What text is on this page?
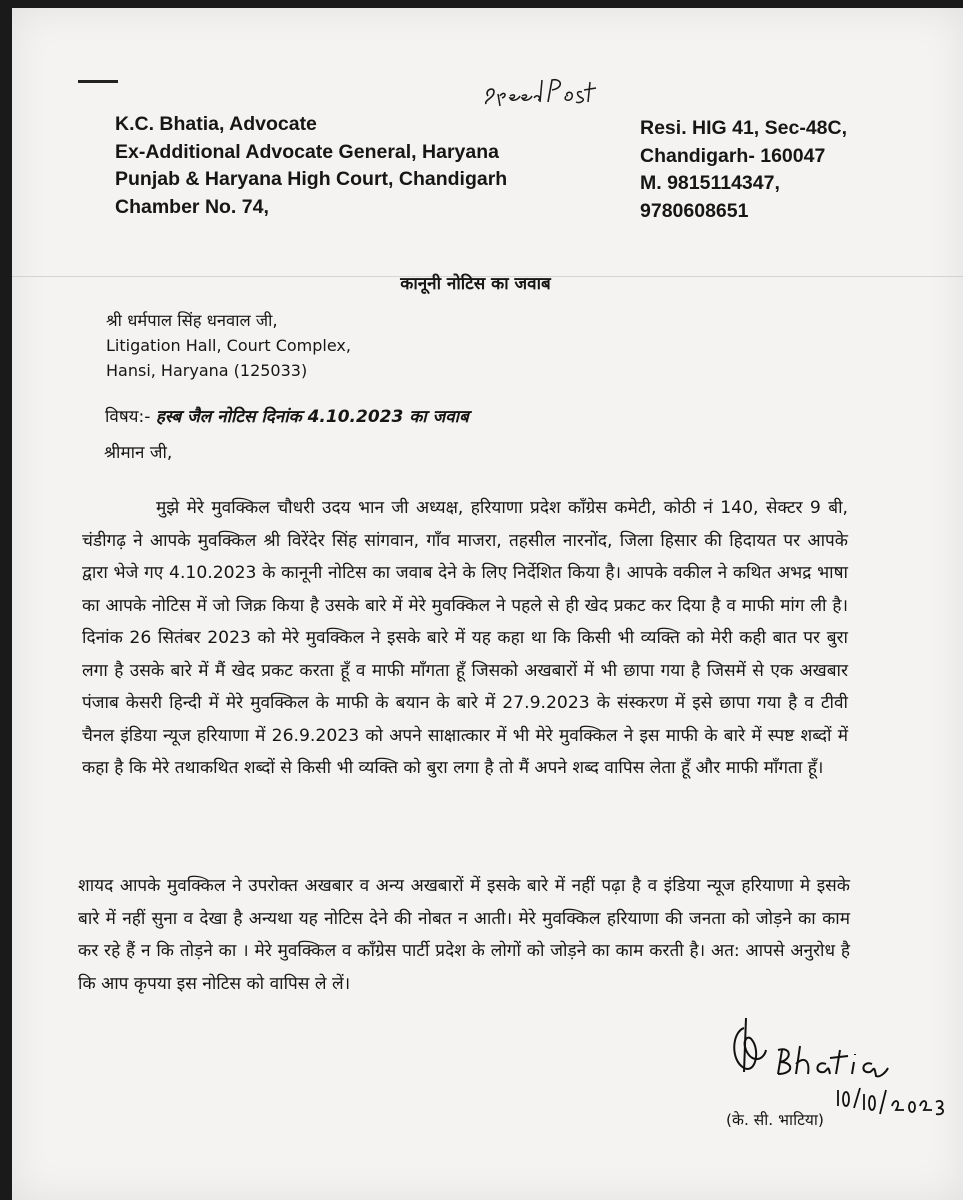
K.C. Bhatia, Advocate
Ex-Additional Advocate General, Haryana
Punjab & Haryana High Court, Chandigarh
Chamber No. 74,
Resi. HIG 41, Sec-48C,
Chandigarh- 160047
M. 9815114347,
9780608651
कानूनी नोटिस का जवाब
श्री धर्मपाल सिंह धनवाल जी,
Litigation Hall, Court Complex,
Hansi, Haryana (125033)
विषय:- हस्ब जैल नोटिस दिनांक 4.10.2023 का जवाब
श्रीमान जी,
मुझे मेरे मुवक्किल चौधरी उदय भान जी अध्यक्ष, हरियाणा प्रदेश काँग्रेस कमेटी, कोठी नं 140, सेक्टर 9 बी, चंडीगढ़ ने आपके मुवक्किल श्री विरेंदेर सिंह सांगवान, गाँव माजरा, तहसील नारनोंद, जिला हिसार की हिदायत पर आपके द्वारा भेजे गए 4.10.2023 के कानूनी नोटिस का जवाब देने के लिए निर्देशित किया है। आपके वकील ने कथित अभद्र भाषा का आपके नोटिस में जो जिक्र किया है उसके बारे में मेरे मुवक्किल ने पहले से ही खेद प्रकट कर दिया है व माफी मांग ली है। दिनांक 26 सितंबर 2023 को मेरे मुवक्किल ने इसके बारे में यह कहा था कि किसी भी व्यक्ति को मेरी कही बात पर बुरा लगा है उसके बारे में मैं खेद प्रकट करता हूँ व माफी माँगता हूँ जिसको अखबारों में भी छापा गया है जिसमें से एक अखबार पंजाब केसरी हिन्दी में मेरे मुवक्किल के माफी के बयान के बारे में 27.9.2023 के संस्करण में इसे छापा गया है व टीवी चैनल इंडिया न्यूज हरियाणा में 26.9.2023 को अपने साक्षात्कार में भी मेरे मुवक्किल ने इस माफी के बारे में स्पष्ट शब्दों में कहा है कि मेरे तथाकथित शब्दों से किसी भी व्यक्ति को बुरा लगा है तो मैं अपने शब्द वापिस लेता हूँ और माफी माँगता हूँ।
शायद आपके मुवक्किल ने उपरोक्त अखबार व अन्य अखबारों में इसके बारे में नहीं पढ़ा है व इंडिया न्यूज हरियाणा मे इसके बारे में नहीं सुना व देखा है अन्यथा यह नोटिस देने की नोबत न आती। मेरे मुवक्किल हरियाणा की जनता को जोड़ने का काम कर रहे हैं न कि तोड़ने का । मेरे मुवक्किल व काँग्रेस पार्टी प्रदेश के लोगों को जोड़ने का काम करती है। अत: आपसे अनुरोध है कि आप कृपया इस नोटिस को वापिस ले लें।
(के. सी. भाटिया)
